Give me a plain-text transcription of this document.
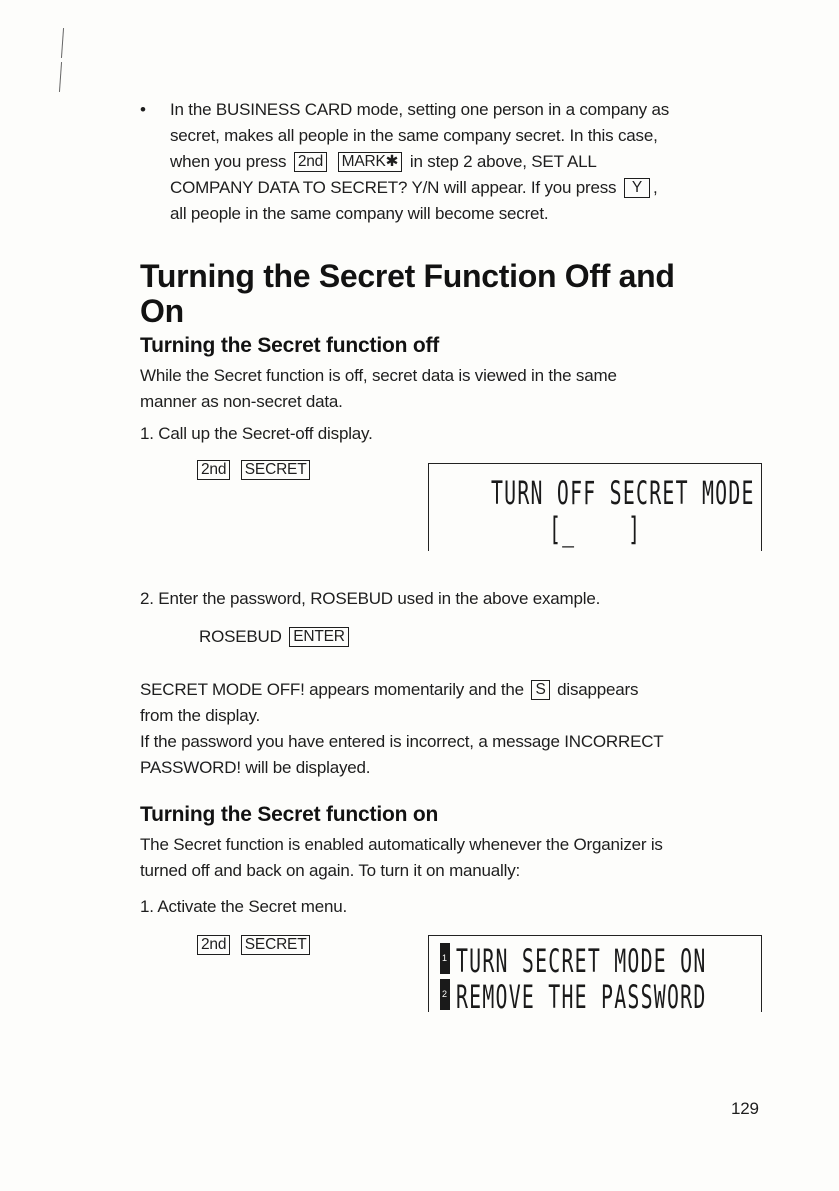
• In the BUSINESS CARD mode, setting one person in a company as
secret, makes all people in the same company secret. In this case,
when you press 2nd MARK✱ in step 2 above, SET ALL
COMPANY DATA TO SECRET? Y/N will appear. If you press Y ,
all people in the same company will become secret.
Turning the Secret Function Off and
On
Turning the Secret function off
While the Secret function is off, secret data is viewed in the same
manner as non-secret data.
1. Call up the Secret-off display.
2nd SECRET
TURN OFF SECRET MODE
[_    ]
2. Enter the password, ROSEBUD used in the above example.
ROSEBUD ENTER
SECRET MODE OFF! appears momentarily and the S disappears
from the display.
If the password you have entered is incorrect, a message INCORRECT
PASSWORD! will be displayed.
Turning the Secret function on
The Secret function is enabled automatically whenever the Organizer is
turned off and back on again. To turn it on manually:
1. Activate the Secret menu.
2nd SECRET
1
2
TURN SECRET MODE ON
REMOVE THE PASSWORD
129
